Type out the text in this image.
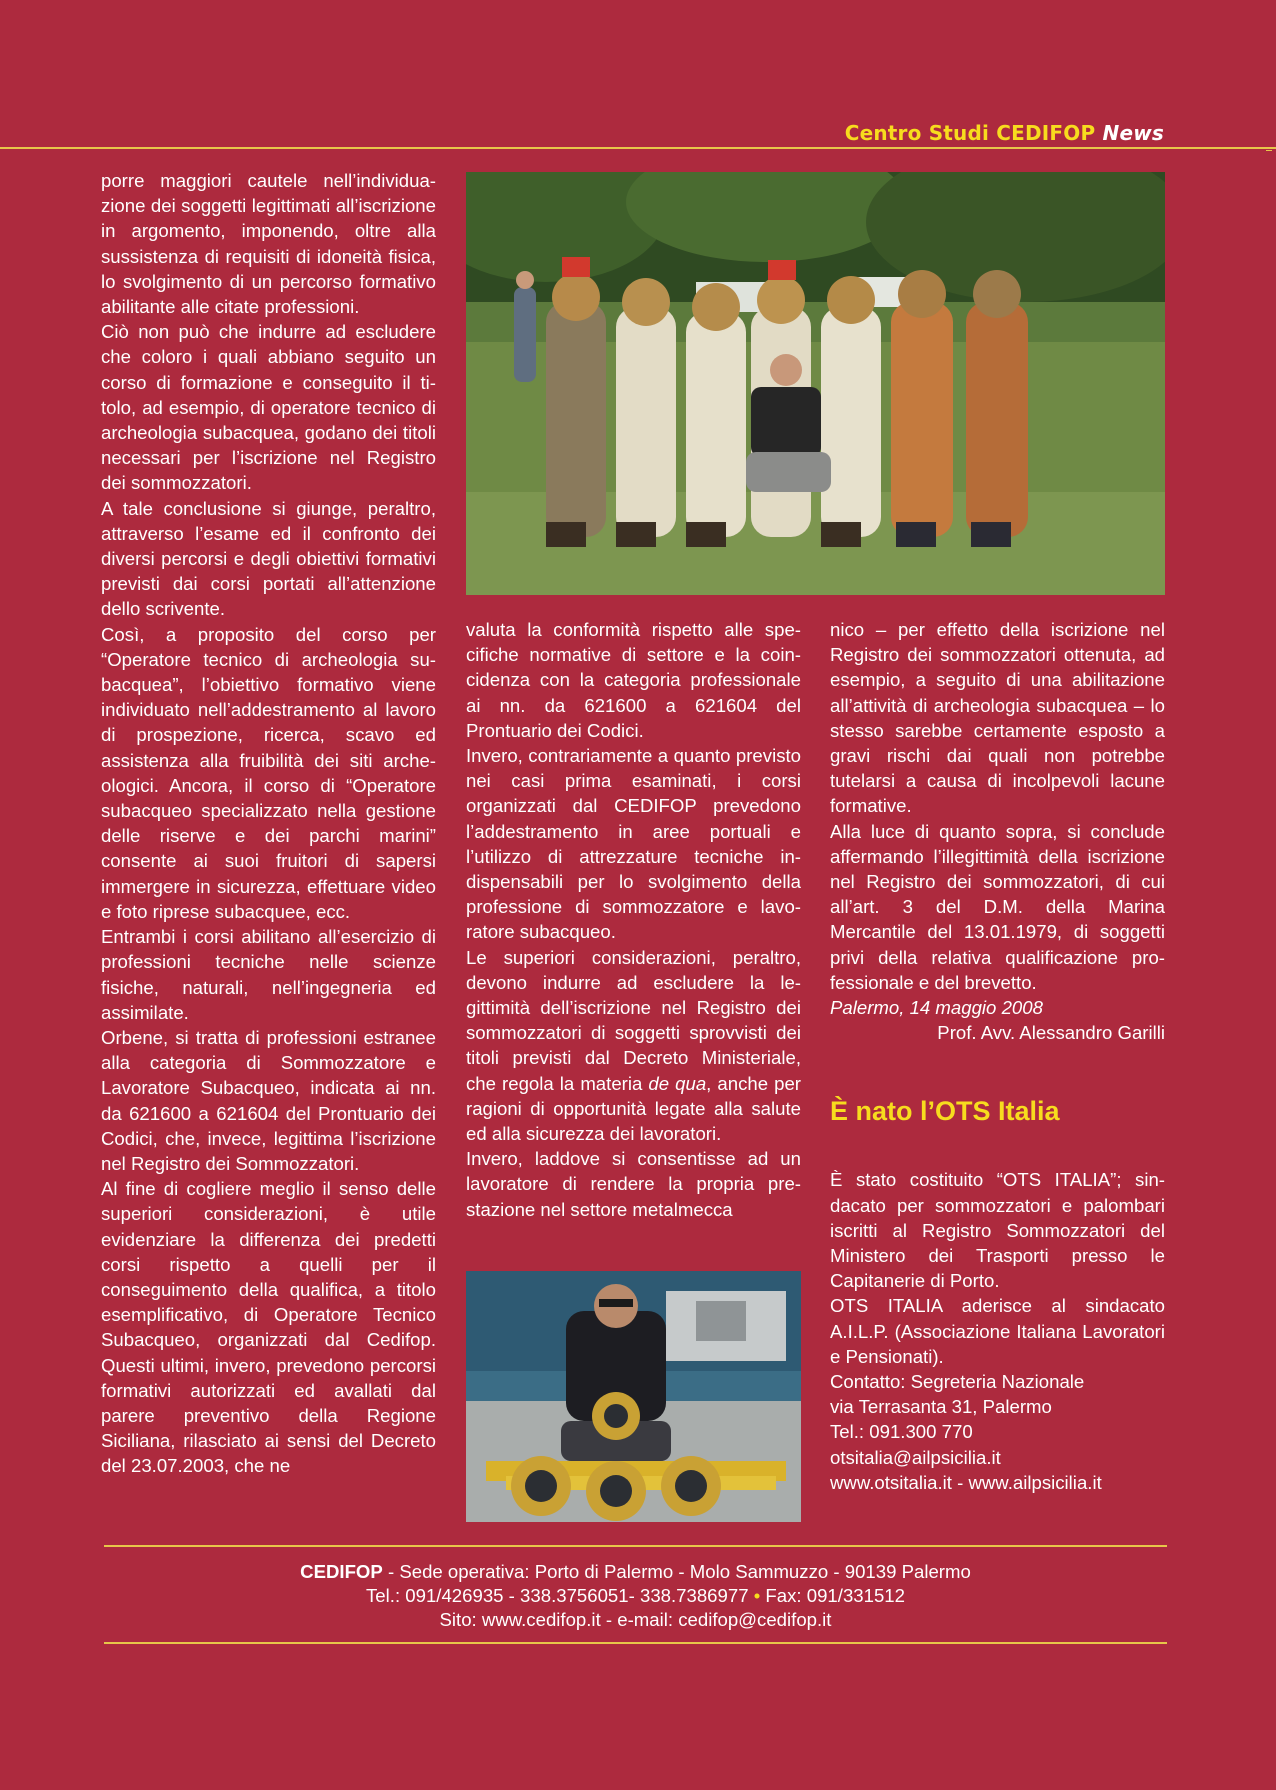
Centro Studi CEDIFOP News

porre maggiori cautele nell’individuazione dei soggetti legittimati all’iscrizione in argomento, imponendo, oltre alla sussistenza di requisiti di idoneità fisica, lo svolgimento di un percorso formativo abilitante alle citate professioni.

Ciò non può che indurre ad escludere che coloro i quali abbiano seguito un corso di formazione e conseguito il titolo, ad esempio, di operatore tecnico di archeologia subacquea, godano dei titoli necessari per l’iscrizione nel Registro dei sommozzatori.

A tale conclusione si giunge, peraltro, attraverso l’esame ed il confronto dei diversi percorsi e degli obiettivi formativi previsti dai corsi portati all’attenzione dello scrivente.

Così, a proposito del corso per “Operatore tecnico di archeologia subacquea”, l’obiettivo formativo viene individuato nell’addestramento al lavoro di prospezione, ricerca, scavo ed assistenza alla fruibilità dei siti archeologici. Ancora, il corso di “Operatore subacqueo specializzato nella gestione delle riserve e dei parchi marini” consente ai suoi fruitori di sapersi immergere in sicurezza, effettuare video e foto riprese subacquee, ecc.

Entrambi i corsi abilitano all’esercizio di professioni tecniche nelle scienze fisiche, naturali, nell’ingegneria ed assimilate.

Orbene, si tratta di professioni estranee alla categoria di Sommozzatore e Lavoratore Subacqueo, indicata ai nn. da 621600 a 621604 del Prontuario dei Codici, che, invece, legittima l’iscrizione nel Registro dei Sommozzatori.

Al fine di cogliere meglio il senso delle superiori considerazioni, è utile evidenziare la differenza dei predetti corsi rispetto a quelli per il conseguimento della qualifica, a titolo esemplificativo, di Operatore Tecnico Subacqueo, organizzati dal Cedifop. Questi ultimi, invero, prevedono percorsi formativi autorizzati ed avallati dal parere preventivo della Regione Siciliana, rilasciato ai sensi del Decreto del 23.07.2003, che ne

valuta la conformità rispetto alle specifiche normative di settore e la coincidenza con la categoria professionale ai nn. da 621600 a 621604 del Prontuario dei Codici.

Invero, contrariamente a quanto previsto nei casi prima esaminati, i corsi organizzati dal CEDIFOP prevedono l’addestramento in aree portuali e l’utilizzo di attrezzature tecniche indispensabili per lo svolgimento della professione di sommozzatore e lavoratore subacqueo.

Le superiori considerazioni, peraltro, devono indurre ad escludere la legittimità dell’iscrizione nel Registro dei sommozzatori di soggetti sprovvisti dei titoli previsti dal Decreto Ministeriale, che regola la materia de qua, anche per ragioni di opportunità legate alla salute ed alla sicurezza dei lavoratori.

Invero, laddove si consentisse ad un lavoratore di rendere la propria prestazione nel settore metalmecca

nico – per effetto della iscrizione nel Registro dei sommozzatori ottenuta, ad esempio, a seguito di una abilitazione all’attività di archeologia subacquea – lo stesso sarebbe certamente esposto a gravi rischi dai quali non potrebbe tutelarsi a causa di incolpevoli lacune formative.

Alla luce di quanto sopra, si conclude affermando l’illegittimità della iscrizione nel Registro dei sommozzatori, di cui all’art. 3 del D.M. della Marina Mercantile del 13.01.1979, di soggetti privi della relativa qualificazione professionale e del brevetto.

Palermo, 14 maggio 2008

Prof. Avv. Alessandro Garilli

È nato l’OTS Italia

È stato costituito “OTS ITALIA”; sindacato per sommozzatori e palombari iscritti al Registro Sommozzatori del Ministero dei Trasporti presso le Capitanerie di Porto.

OTS ITALIA aderisce al sindacato A.I.L.P. (Associazione Italiana Lavoratori e Pensionati).

Contatto: Segreteria Nazionale

via Terrasanta 31, Palermo

Tel.: 091.300 770

otsitalia@ailpsicilia.it

www.otsitalia.it - www.ailpsicilia.it

CEDIFOP - Sede operativa: Porto di Palermo - Molo Sammuzzo - 90139 Palermo
Tel.: 091/426935 - 338.3756051- 338.7386977 • Fax: 091/331512
Sito: www.cedifop.it - e-mail: cedifop@cedifop.it
